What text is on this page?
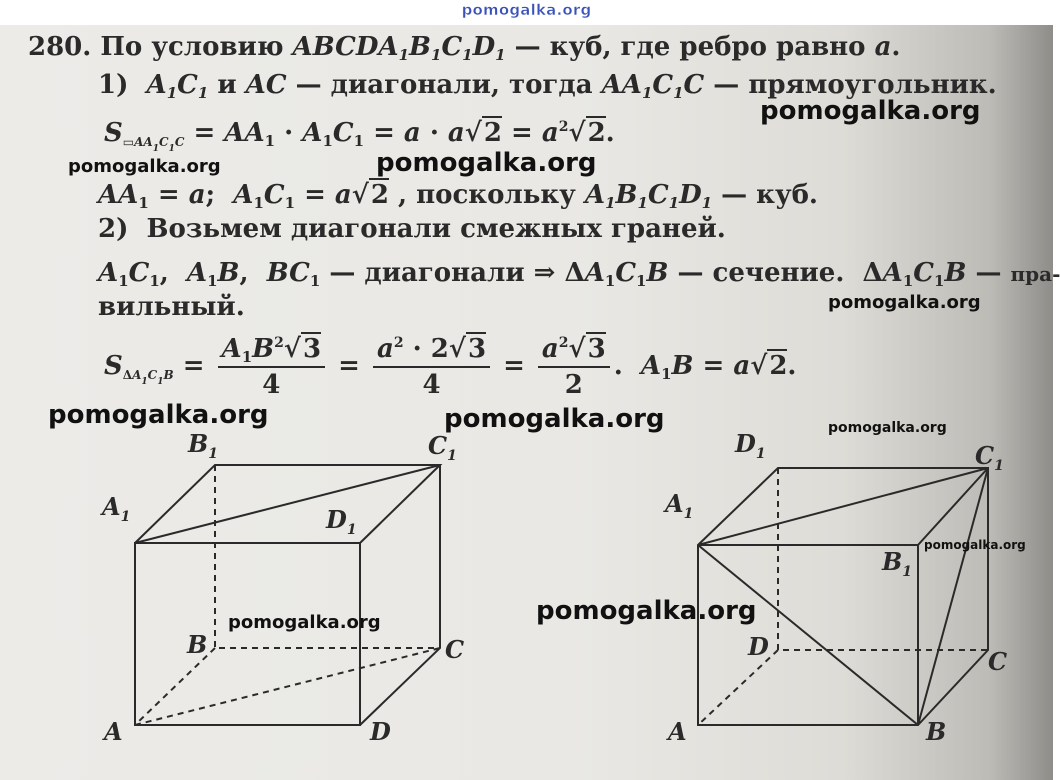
pomogalka.org
280. По условию $ABCDA_1B_1C_1D_1$ — куб, где ребро равно a.
1) $A_1C_1$ и AC — диагонали, тогда $AA_1C_1C$ — прямоугольник.
$S_{▭AA_1C_1C} = AA_1 \cdot A_1C_1 = a \cdot a√2 = a^2√2$.
$AA_1 = a$;  $A_1C_1 = a√2$ , поскольку $A_1B_1C_1D_1$ — куб.
2) Возьмем диагонали смежных граней.
$A_1C_1$,  $A_1B$,  $BC_1$ — диагонали ⇒ $\Delta A_1C_1B$ — сечение.  $\Delta A_1C_1B$ — пра-
вильный.
$S_{\Delta A_1C_1B} = \frac{A_1B^2√3}{4} = \frac{a^2 \cdot 2√3}{4} = \frac{a^2√3}{2}$ .  $A_1B = a√2$.
$B_1$	$C_1$
$A_1$	$D_1$
B	C
A	D
$D_1$	$C_1$
$A_1$
$B_1$
D
C
A	B
pomogalka.org
pomogalka.org	pomogalka.org
pomogalka.org
pomogalka.org	pomogalka.org	pomogalka.org
pomogalka.org
pomogalka.org
pomogalka.org
